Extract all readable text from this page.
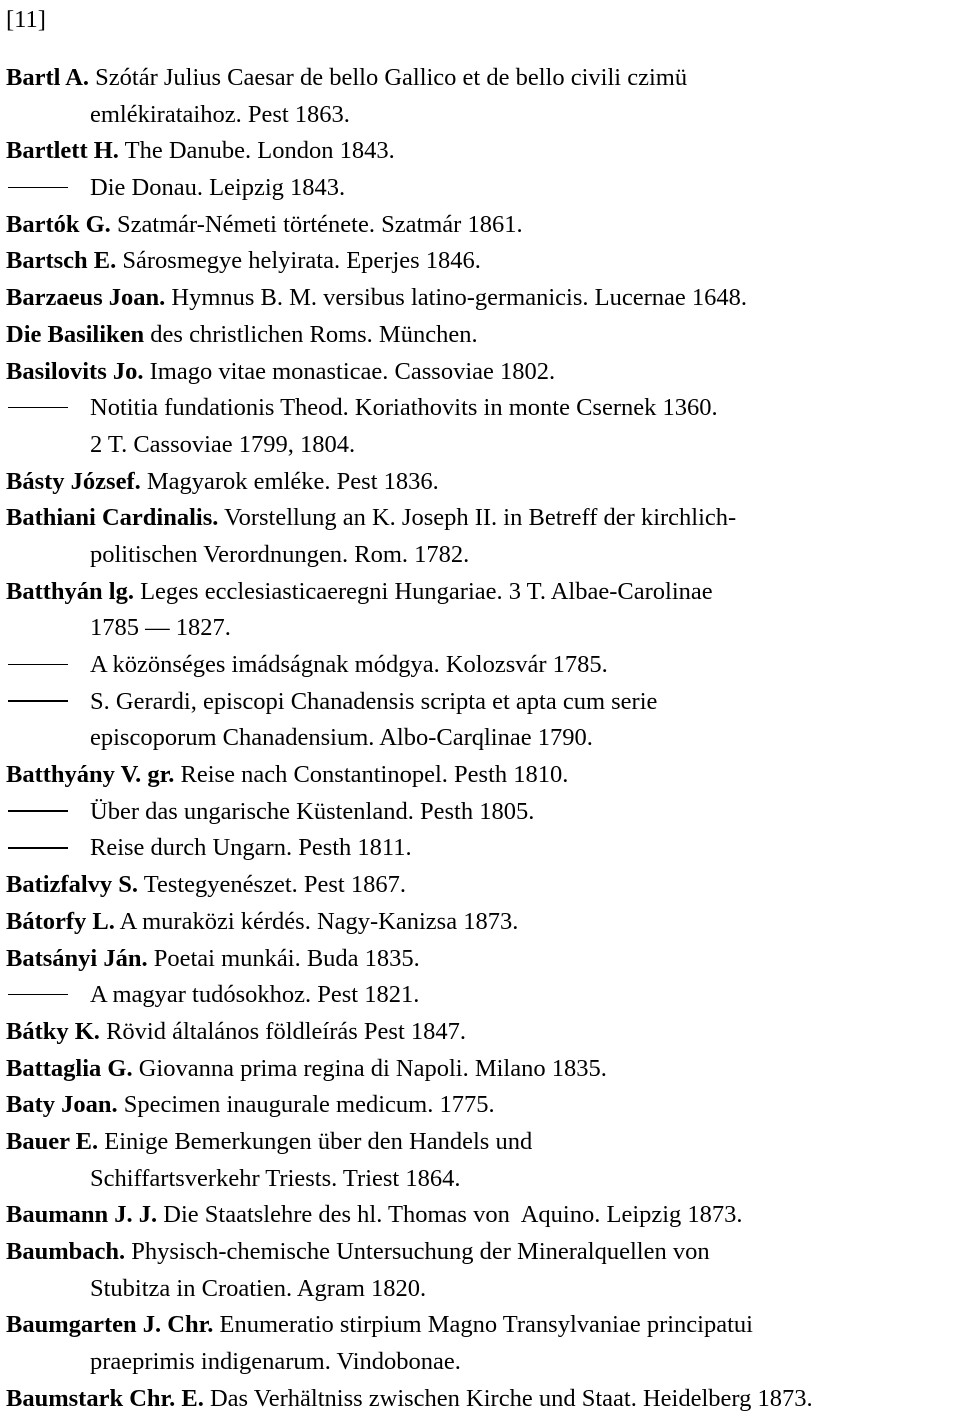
[11]
Bartl A. Szótár Julius Caesar de bello Gallico et de bello civili czimü
emlékirataihoz. Pest 1863.
Bartlett H. The Danube. London 1843.
Die Donau. Leipzig 1843.
Bartók G. Szatmár-Németi története. Szatmár 1861.
Bartsch E. Sárosmegye helyirata. Eperjes 1846.
Barzaeus Joan. Hymnus B. M. versibus latino-germanicis. Lucernae 1648.
Die Basiliken des christlichen Roms. München.
Basilovits Jo. Imago vitae monasticae. Cassoviae 1802.
Notitia fundationis Theod. Koriathovits in monte Csernek 1360.
2 T. Cassoviae 1799, 1804.
Básty József. Magyarok emléke. Pest 1836.
Bathiani Cardinalis. Vorstellung an K. Joseph II. in Betreff der kirchlich-
politischen Verordnungen. Rom. 1782.
Batthyán lg. Leges ecclesiasticaeregni Hungariae. 3 T. Albae-Carolinae
1785 — 1827.
A közönséges imádságnak módgya. Kolozsvár 1785.
S. Gerardi, episcopi Chanadensis scripta et apta cum serie
episcoporum Chanadensium. Albo-Carqlinae 1790.
Batthyány V. gr. Reise nach Constantinopel. Pesth 1810.
Über das ungarische Küstenland. Pesth 1805.
Reise durch Ungarn. Pesth 1811.
Batizfalvy S. Testegyenészet. Pest 1867.
Bátorfy L. A muraközi kérdés. Nagy-Kanizsa 1873.
Batsányi Ján. Poetai munkái. Buda 1835.
A magyar tudósokhoz. Pest 1821.
Bátky K. Rövid általános földleírás Pest 1847.
Battaglia G. Giovanna prima regina di Napoli. Milano 1835.
Baty Joan. Specimen inaugurale medicum. 1775.
Bauer E. Einige Bemerkungen über den Handels und
Schiffartsverkehr Triests. Triest 1864.
Baumann J. J. Die Staatslehre des hl. Thomas von  Aquino. Leipzig 1873.
Baumbach. Physisch-chemische Untersuchung der Mineralquellen von
Stubitza in Croatien. Agram 1820.
Baumgarten J. Chr. Enumeratio stirpium Magno Transylvaniae principatui
praeprimis indigenarum. Vindobonae.
Baumstark Chr. E. Das Verhältniss zwischen Kirche und Staat. Heidelberg 1873.
